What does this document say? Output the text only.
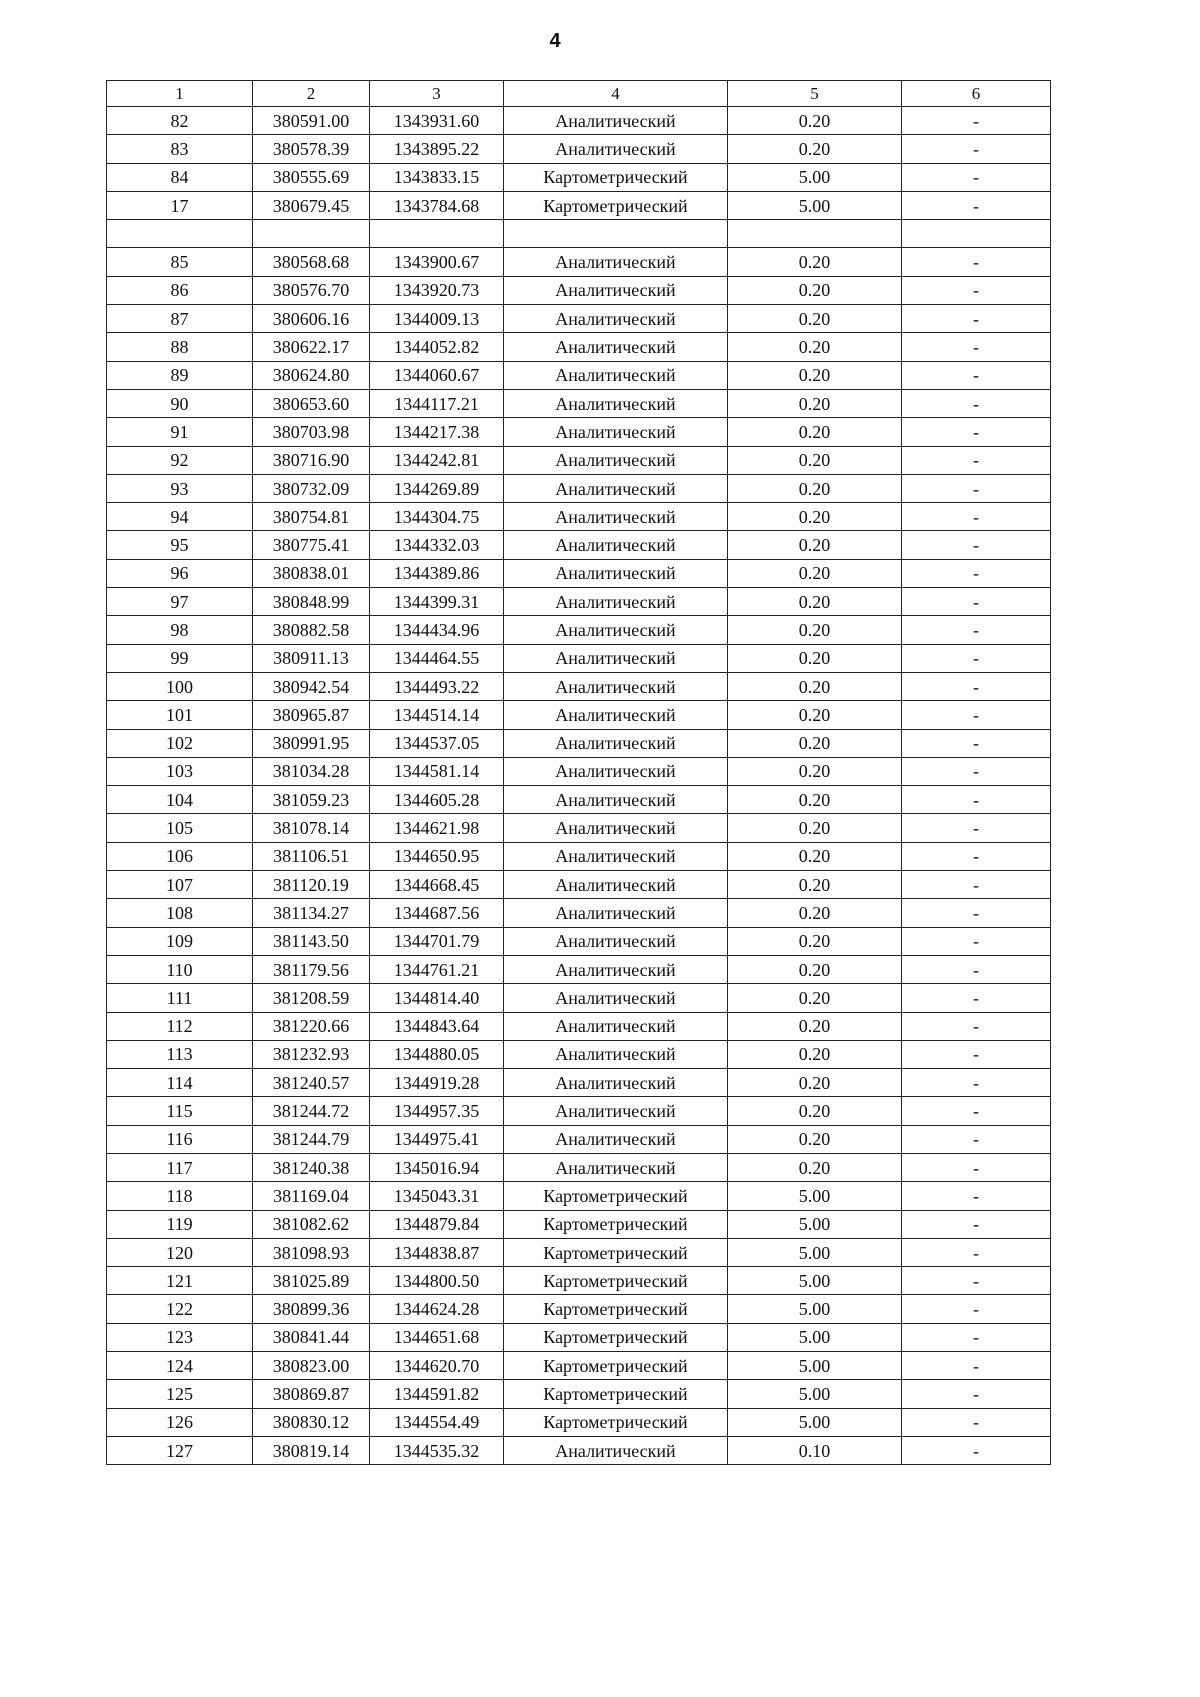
4
1	2	3	4	5	6
82	380591.00	1343931.60	Аналитический	0.20	-
83	380578.39	1343895.22	Аналитический	0.20	-
84	380555.69	1343833.15	Картометрический	5.00	-
17	380679.45	1343784.68	Картометрический	5.00	-

85	380568.68	1343900.67	Аналитический	0.20	-
86	380576.70	1343920.73	Аналитический	0.20	-
87	380606.16	1344009.13	Аналитический	0.20	-
88	380622.17	1344052.82	Аналитический	0.20	-
89	380624.80	1344060.67	Аналитический	0.20	-
90	380653.60	1344117.21	Аналитический	0.20	-
91	380703.98	1344217.38	Аналитический	0.20	-
92	380716.90	1344242.81	Аналитический	0.20	-
93	380732.09	1344269.89	Аналитический	0.20	-
94	380754.81	1344304.75	Аналитический	0.20	-
95	380775.41	1344332.03	Аналитический	0.20	-
96	380838.01	1344389.86	Аналитический	0.20	-
97	380848.99	1344399.31	Аналитический	0.20	-
98	380882.58	1344434.96	Аналитический	0.20	-
99	380911.13	1344464.55	Аналитический	0.20	-
100	380942.54	1344493.22	Аналитический	0.20	-
101	380965.87	1344514.14	Аналитический	0.20	-
102	380991.95	1344537.05	Аналитический	0.20	-
103	381034.28	1344581.14	Аналитический	0.20	-
104	381059.23	1344605.28	Аналитический	0.20	-
105	381078.14	1344621.98	Аналитический	0.20	-
106	381106.51	1344650.95	Аналитический	0.20	-
107	381120.19	1344668.45	Аналитический	0.20	-
108	381134.27	1344687.56	Аналитический	0.20	-
109	381143.50	1344701.79	Аналитический	0.20	-
110	381179.56	1344761.21	Аналитический	0.20	-
111	381208.59	1344814.40	Аналитический	0.20	-
112	381220.66	1344843.64	Аналитический	0.20	-
113	381232.93	1344880.05	Аналитический	0.20	-
114	381240.57	1344919.28	Аналитический	0.20	-
115	381244.72	1344957.35	Аналитический	0.20	-
116	381244.79	1344975.41	Аналитический	0.20	-
117	381240.38	1345016.94	Аналитический	0.20	-
118	381169.04	1345043.31	Картометрический	5.00	-
119	381082.62	1344879.84	Картометрический	5.00	-
120	381098.93	1344838.87	Картометрический	5.00	-
121	381025.89	1344800.50	Картометрический	5.00	-
122	380899.36	1344624.28	Картометрический	5.00	-
123	380841.44	1344651.68	Картометрический	5.00	-
124	380823.00	1344620.70	Картометрический	5.00	-
125	380869.87	1344591.82	Картометрический	5.00	-
126	380830.12	1344554.49	Картометрический	5.00	-
127	380819.14	1344535.32	Аналитический	0.10	-
